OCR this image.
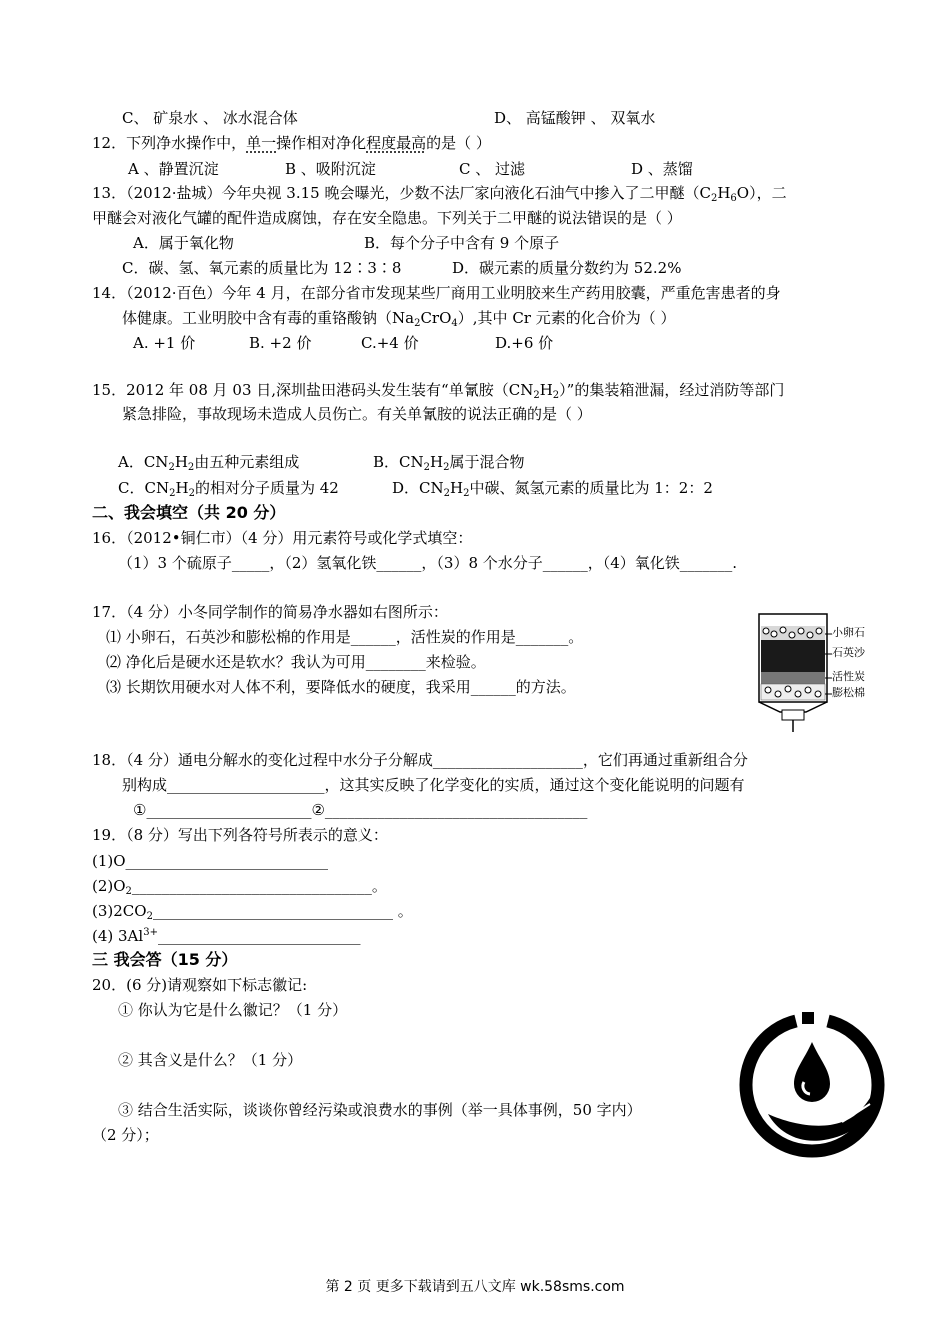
C、 矿泉水 、 冰水混合体	D、 高锰酸钾 、 双氧水
12．下列净水操作中，单一操作相对净化程度最高的是（ ）
A 、静置沉淀	B 、吸附沉淀	C 、 过滤	D 、蒸馏
13．（2012·盐城）今年央视 3.15 晚会曝光，少数不法厂家向液化石油气中掺入了二甲醚$(C_2H_6O)$，二
甲醚会对液化气罐的配件造成腐蚀，存在安全隐患。下列关于二甲醚的说法错误的是（ ）
A．属于氧化物	B．每个分子中含有 9 个原子
C．碳、氢、氧元素的质量比为 12∶3∶8	D．碳元素的质量分数约为 52.2%
14．（2012·百色）今年 4 月，在部分省市发现某些厂商用工业明胶来生产药用胶囊，严重危害患者的身
体健康。工业明胶中含有毒的重铬酸钠$(Na_2CrO_4)$,其中 Cr 元素的化合价为（ ）
A. +1 价	B. +2 价	C.+4 价	D.+6 价
15．2012 年 08 月 03 日,深圳盐田港码头发生装有“单氰胺$(CN_2H_2)$”的集装箱泄漏，经过消防等部门
紧急排险，事故现场未造成人员伤亡。有关单氰胺的说法正确的是（ ）
A．$CN_2H_2$由五种元素组成	B．$CN_2H_2$属于混合物
C．$CN_2H_2$的相对分子质量为 42	D．$CN_2H_2$中碳、氮氢元素的质量比为 1：2：2
二、我会填空（共 20 分）
16．（2012•铜仁市）（4 分）用元素符号或化学式填空：
（1）3 个硫原子_____，（2）氢氧化铁______，（3）8 个水分子______，（4）氧化铁_______.
17．（4 分）小冬同学制作的简易净水器如右图所示：
⑴ 小卵石，石英沙和膨松棉的作用是______，活性炭的作用是_______。
⑵ 净化后是硬水还是软水？我认为可用________来检验。
⑶ 长期饮用硬水对人体不利，要降低水的硬度，我采用______的方法。
小卵石
石英沙
活性炭
膨松棉
18．（4 分）通电分解水的变化过程中水分子分解成____________________，它们再通过重新组合分
别构成_____________________，这其实反映了化学变化的实质，通过这个变化能说明的问题有
①______________________②___________________________________
19．（8 分）写出下列各符号所表示的意义：
(1)O___________________________
$(2)O_2\_\_\_\_\_\_\_\_\_\_\_\_\_\_\_\_\_\_\_\_\_\_\_\_\_\_\_\_\_\_\_\_$。
$(3)2CO_2\_\_\_\_\_\_\_\_\_\_\_\_\_\_\_\_\_\_\_\_\_\_\_\_\_\_\_\_\_\_\_\_$ 。
(4) $3Al^{3+}\_\_\_\_\_\_\_\_\_\_\_\_\_\_\_\_\_\_\_\_\_\_\_\_\_\_\_$
三 我会答（15 分）
20．(6 分)请观察如下标志徽记:
① 你认为它是什么徽记？（1 分）
② 其含义是什么？（1 分）
③ 结合生活实际，谈谈你曾经污染或浪费水的事例（举一具体事例，50 字内）
（2 分）；
第 2 页 更多下载请到五八文库 wk.58sms.com
